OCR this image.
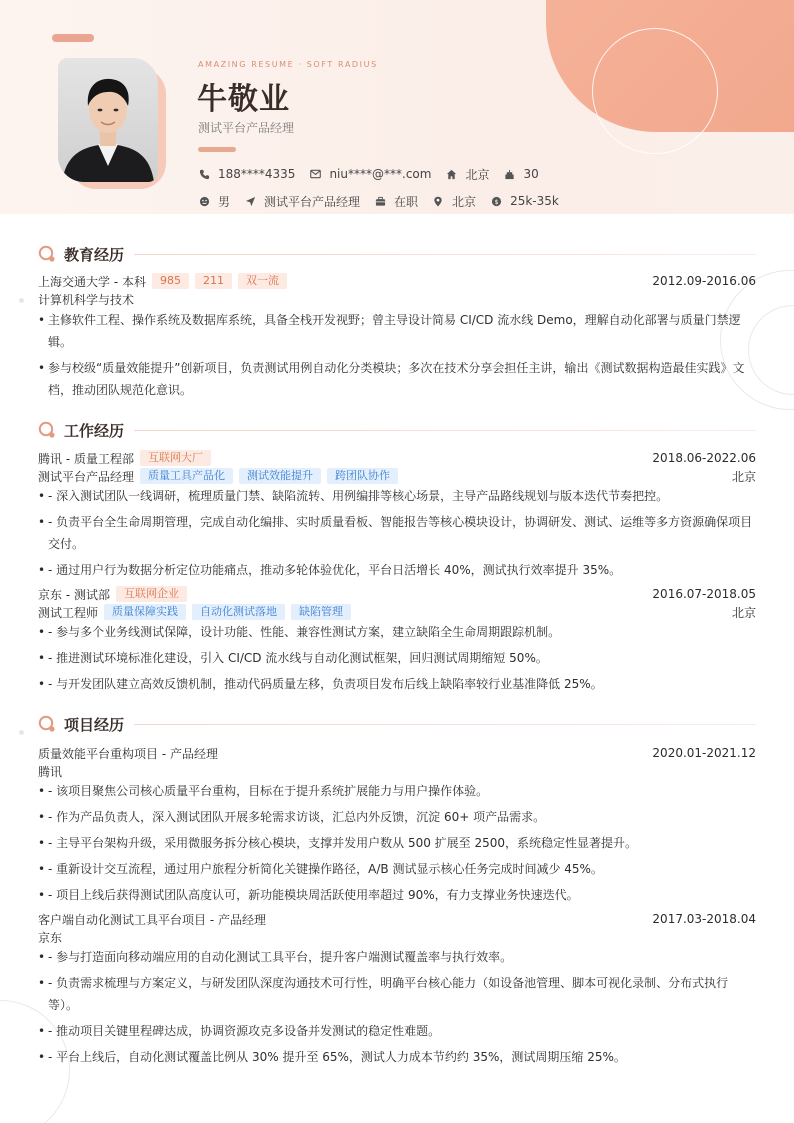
AMAZING RESUME · SOFT RADIUS
牛敬业
测试平台产品经理
188****4335	niu****@***.com	北京	30
男	测试平台产品经理	在职	北京	$ 25k-35k
教育经历
上海交通大学 - 本科	985	211	双一流	2012.09-2016.06
计算机科学与技术
• 主修软件工程、操作系统及数据库系统，具备全栈开发视野；曾主导设计简易 CI/CD 流水线 Demo，理解自动化部署与质量门禁逻辑。
• 参与校级“质量效能提升”创新项目，负责测试用例自动化分类模块；多次在技术分享会担任主讲，输出《测试数据构造最佳实践》文档，推动团队规范化意识。
工作经历
腾讯 - 质量工程部	互联网大厂	2018.06-2022.06
测试平台产品经理	质量工具产品化	测试效能提升	跨团队协作	北京
• - 深入测试团队一线调研，梳理质量门禁、缺陷流转、用例编排等核心场景，主导产品路线规划与版本迭代节奏把控。
• - 负责平台全生命周期管理，完成自动化编排、实时质量看板、智能报告等核心模块设计，协调研发、测试、运维等多方资源确保项目交付。
• - 通过用户行为数据分析定位功能痛点，推动多轮体验优化，平台日活增长 40%，测试执行效率提升 35%。
京东 - 测试部	互联网企业	2016.07-2018.05
测试工程师	质量保障实践	自动化测试落地	缺陷管理	北京
• - 参与多个业务线测试保障，设计功能、性能、兼容性测试方案，建立缺陷全生命周期跟踪机制。
• - 推进测试环境标准化建设，引入 CI/CD 流水线与自动化测试框架，回归测试周期缩短 50%。
• - 与开发团队建立高效反馈机制，推动代码质量左移，负责项目发布后线上缺陷率较行业基准降低 25%。
项目经历
质量效能平台重构项目 - 产品经理	2020.01-2021.12
腾讯
• - 该项目聚焦公司核心质量平台重构，目标在于提升系统扩展能力与用户操作体验。
• - 作为产品负责人，深入测试团队开展多轮需求访谈，汇总内外反馈，沉淀 60+ 项产品需求。
• - 主导平台架构升级，采用微服务拆分核心模块，支撑并发用户数从 500 扩展至 2500，系统稳定性显著提升。
• - 重新设计交互流程，通过用户旅程分析简化关键操作路径，A/B 测试显示核心任务完成时间减少 45%。
• - 项目上线后获得测试团队高度认可，新功能模块周活跃使用率超过 90%，有力支撑业务快速迭代。
客户端自动化测试工具平台项目 - 产品经理	2017.03-2018.04
京东
• - 参与打造面向移动端应用的自动化测试工具平台，提升客户端测试覆盖率与执行效率。
• - 负责需求梳理与方案定义，与研发团队深度沟通技术可行性，明确平台核心能力（如设备池管理、脚本可视化录制、分布式执行等）。
• - 推动项目关键里程碑达成，协调资源攻克多设备并发测试的稳定性难题。
• - 平台上线后，自动化测试覆盖比例从 30% 提升至 65%，测试人力成本节约约 35%，测试周期压缩 25%。
